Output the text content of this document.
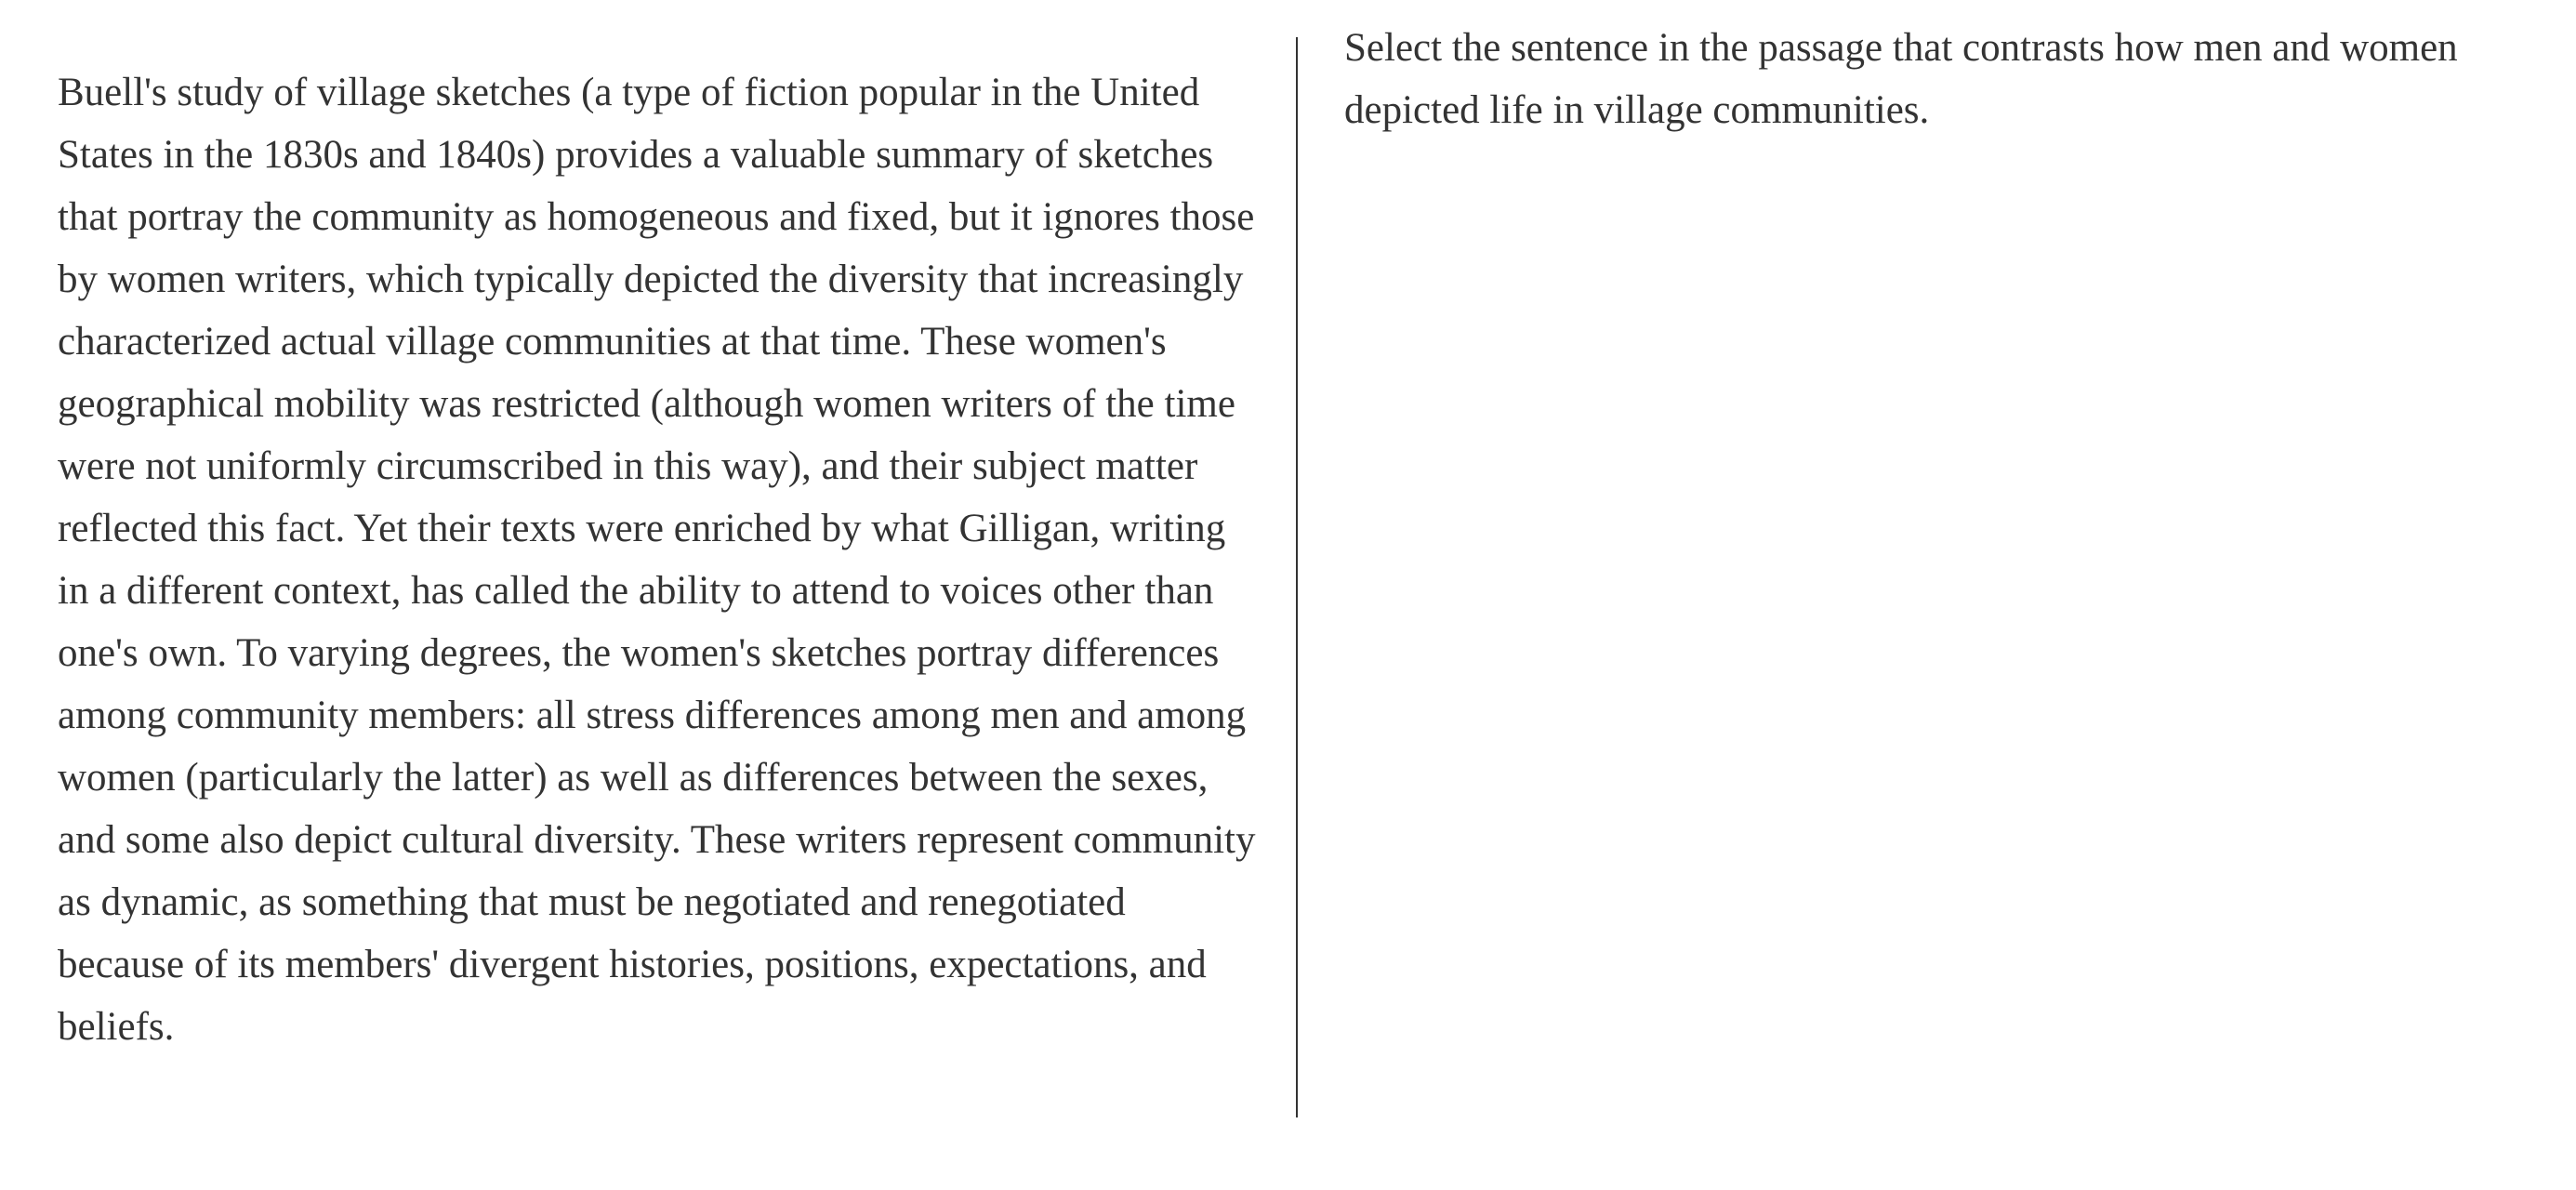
Buell's study of village sketches (a type of fiction popular in the United States in the 1830s and 1840s) provides a valuable summary of sketches that portray the community as homogeneous and fixed, but it ignores those by women writers, which typically depicted the diversity that increasingly characterized actual village communities at that time. These women's geographical mobility was restricted (although women writers of the time were not uniformly circumscribed in this way), and their subject matter reflected this fact. Yet their texts were enriched by what Gilligan, writing in a different context, has called the ability to attend to voices other than one's own. To varying degrees, the women's sketches portray differences among community members: all stress differences among men and among women (particularly the latter) as well as differences between the sexes, and some also depict cultural diversity. These writers represent community as dynamic, as something that must be negotiated and renegotiated because of its members' divergent histories, positions, expectations, and beliefs.

Select the sentence in the passage that contrasts how men and women depicted life in village communities.
